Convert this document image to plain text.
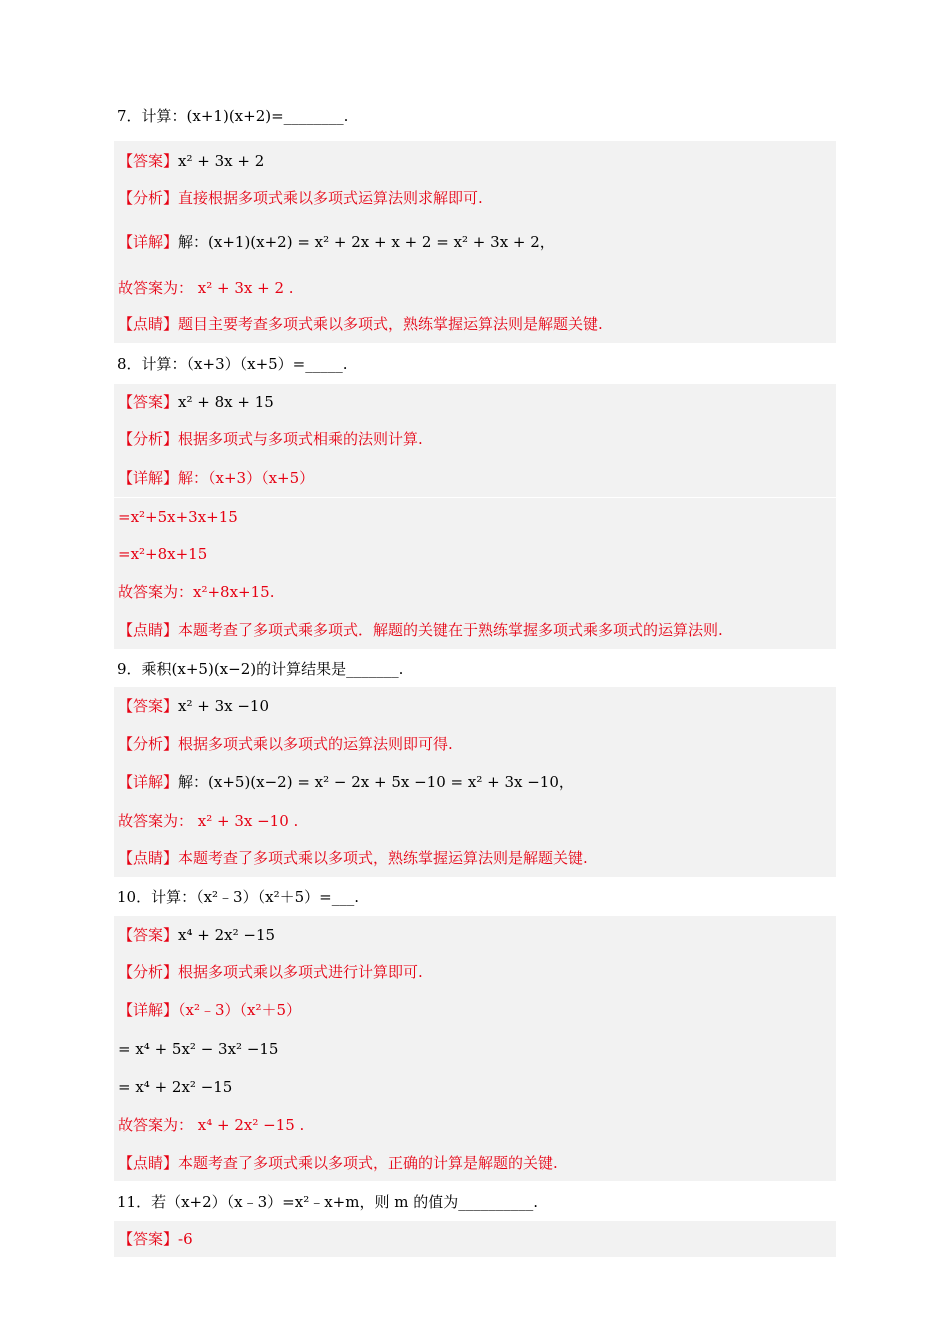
7．计算：(x+1)(x+2)=________.
【答案】x² + 3x + 2
【分析】直接根据多项式乘以多项式运算法则求解即可.
【详解】解：(x+1)(x+2) = x² + 2x + x + 2 = x² + 3x + 2，
故答案为： x² + 3x + 2 .
【点睛】题目主要考查多项式乘以多项式，熟练掌握运算法则是解题关键.
8．计算：（x+3）（x+5）=_____.
【答案】x² + 8x + 15
【分析】根据多项式与多项式相乘的法则计算.
【详解】解：（x+3）（x+5）
=x²+5x+3x+15
=x²+8x+15
故答案为：x²+8x+15.
【点睛】本题考查了多项式乘多项式．解题的关键在于熟练掌握多项式乘多项式的运算法则.
9．乘积(x+5)(x−2)的计算结果是_______.
【答案】x² + 3x −10
【分析】根据多项式乘以多项式的运算法则即可得.
【详解】解：(x+5)(x−2) = x² − 2x + 5x −10 = x² + 3x −10，
故答案为： x² + 3x −10 .
【点睛】本题考查了多项式乘以多项式，熟练掌握运算法则是解题关键.
10．计算：（x²﹣3）（x²＋5）=___.
【答案】x⁴ + 2x² −15
【分析】根据多项式乘以多项式进行计算即可.
【详解】（x²﹣3）（x²＋5）
= x⁴ + 5x² − 3x² −15
= x⁴ + 2x² −15
故答案为： x⁴ + 2x² −15 .
【点睛】本题考查了多项式乘以多项式，正确的计算是解题的关键.
11．若（x+2）（x﹣3）=x²﹣x+m，则 m 的值为__________.
【答案】-6
